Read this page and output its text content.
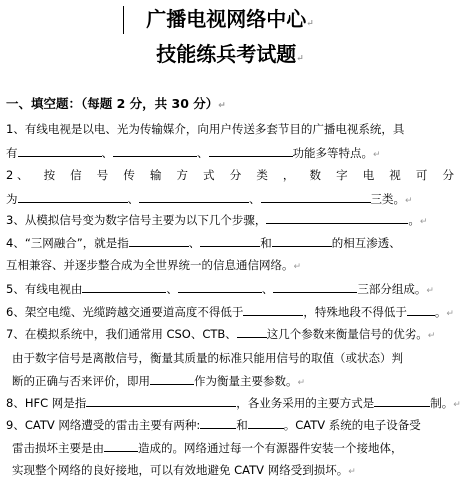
广播电视网络中心↵
技能练兵考试题↵
一、填空题：（每题 2 分，共 30 分）↵
1、有线电视是以电、光为传输媒介，向用户传送多套节目的广播电视系统，具
有	、	、	功能多等特点。↵
2 、 按 信 号 传 输 方 式 分 类 ， 数 字 电 视 可 分
为	、	、	三类。↵
3、从模拟信号变为数字信号主要为以下几个步骤，	。↵
4、“三网融合”，就是指	、	和	的相互渗透、
互相兼容、并逐步整合成为全世界统一的信息通信网络。↵
5、有线电视由	、	、	三部分组成。↵
6、架空电缆、光缆跨越交通要道高度不得低于	，特殊地段不得低于 。↵
7、在模拟系统中，我们通常用 CSO、CTB、	这几个参数来衡量信号的优劣。↵
由于数字信号是离散信号，衡量其质量的标准只能用信号的取值（或状态）判
断的正确与否来评价，即用	作为衡量主要参数。↵
8、HFC 网是指	，各业务采用的主要方式是	制。↵
9、CATV 网络遭受的雷击主要有两种:	和	。CATV 系统的电子设备受
雷击损坏主要是由	造成的。网络通过每一个有源器件安装一个接地体，
实现整个网络的良好接地，可以有效地避免 CATV 网络受到损坏。↵
